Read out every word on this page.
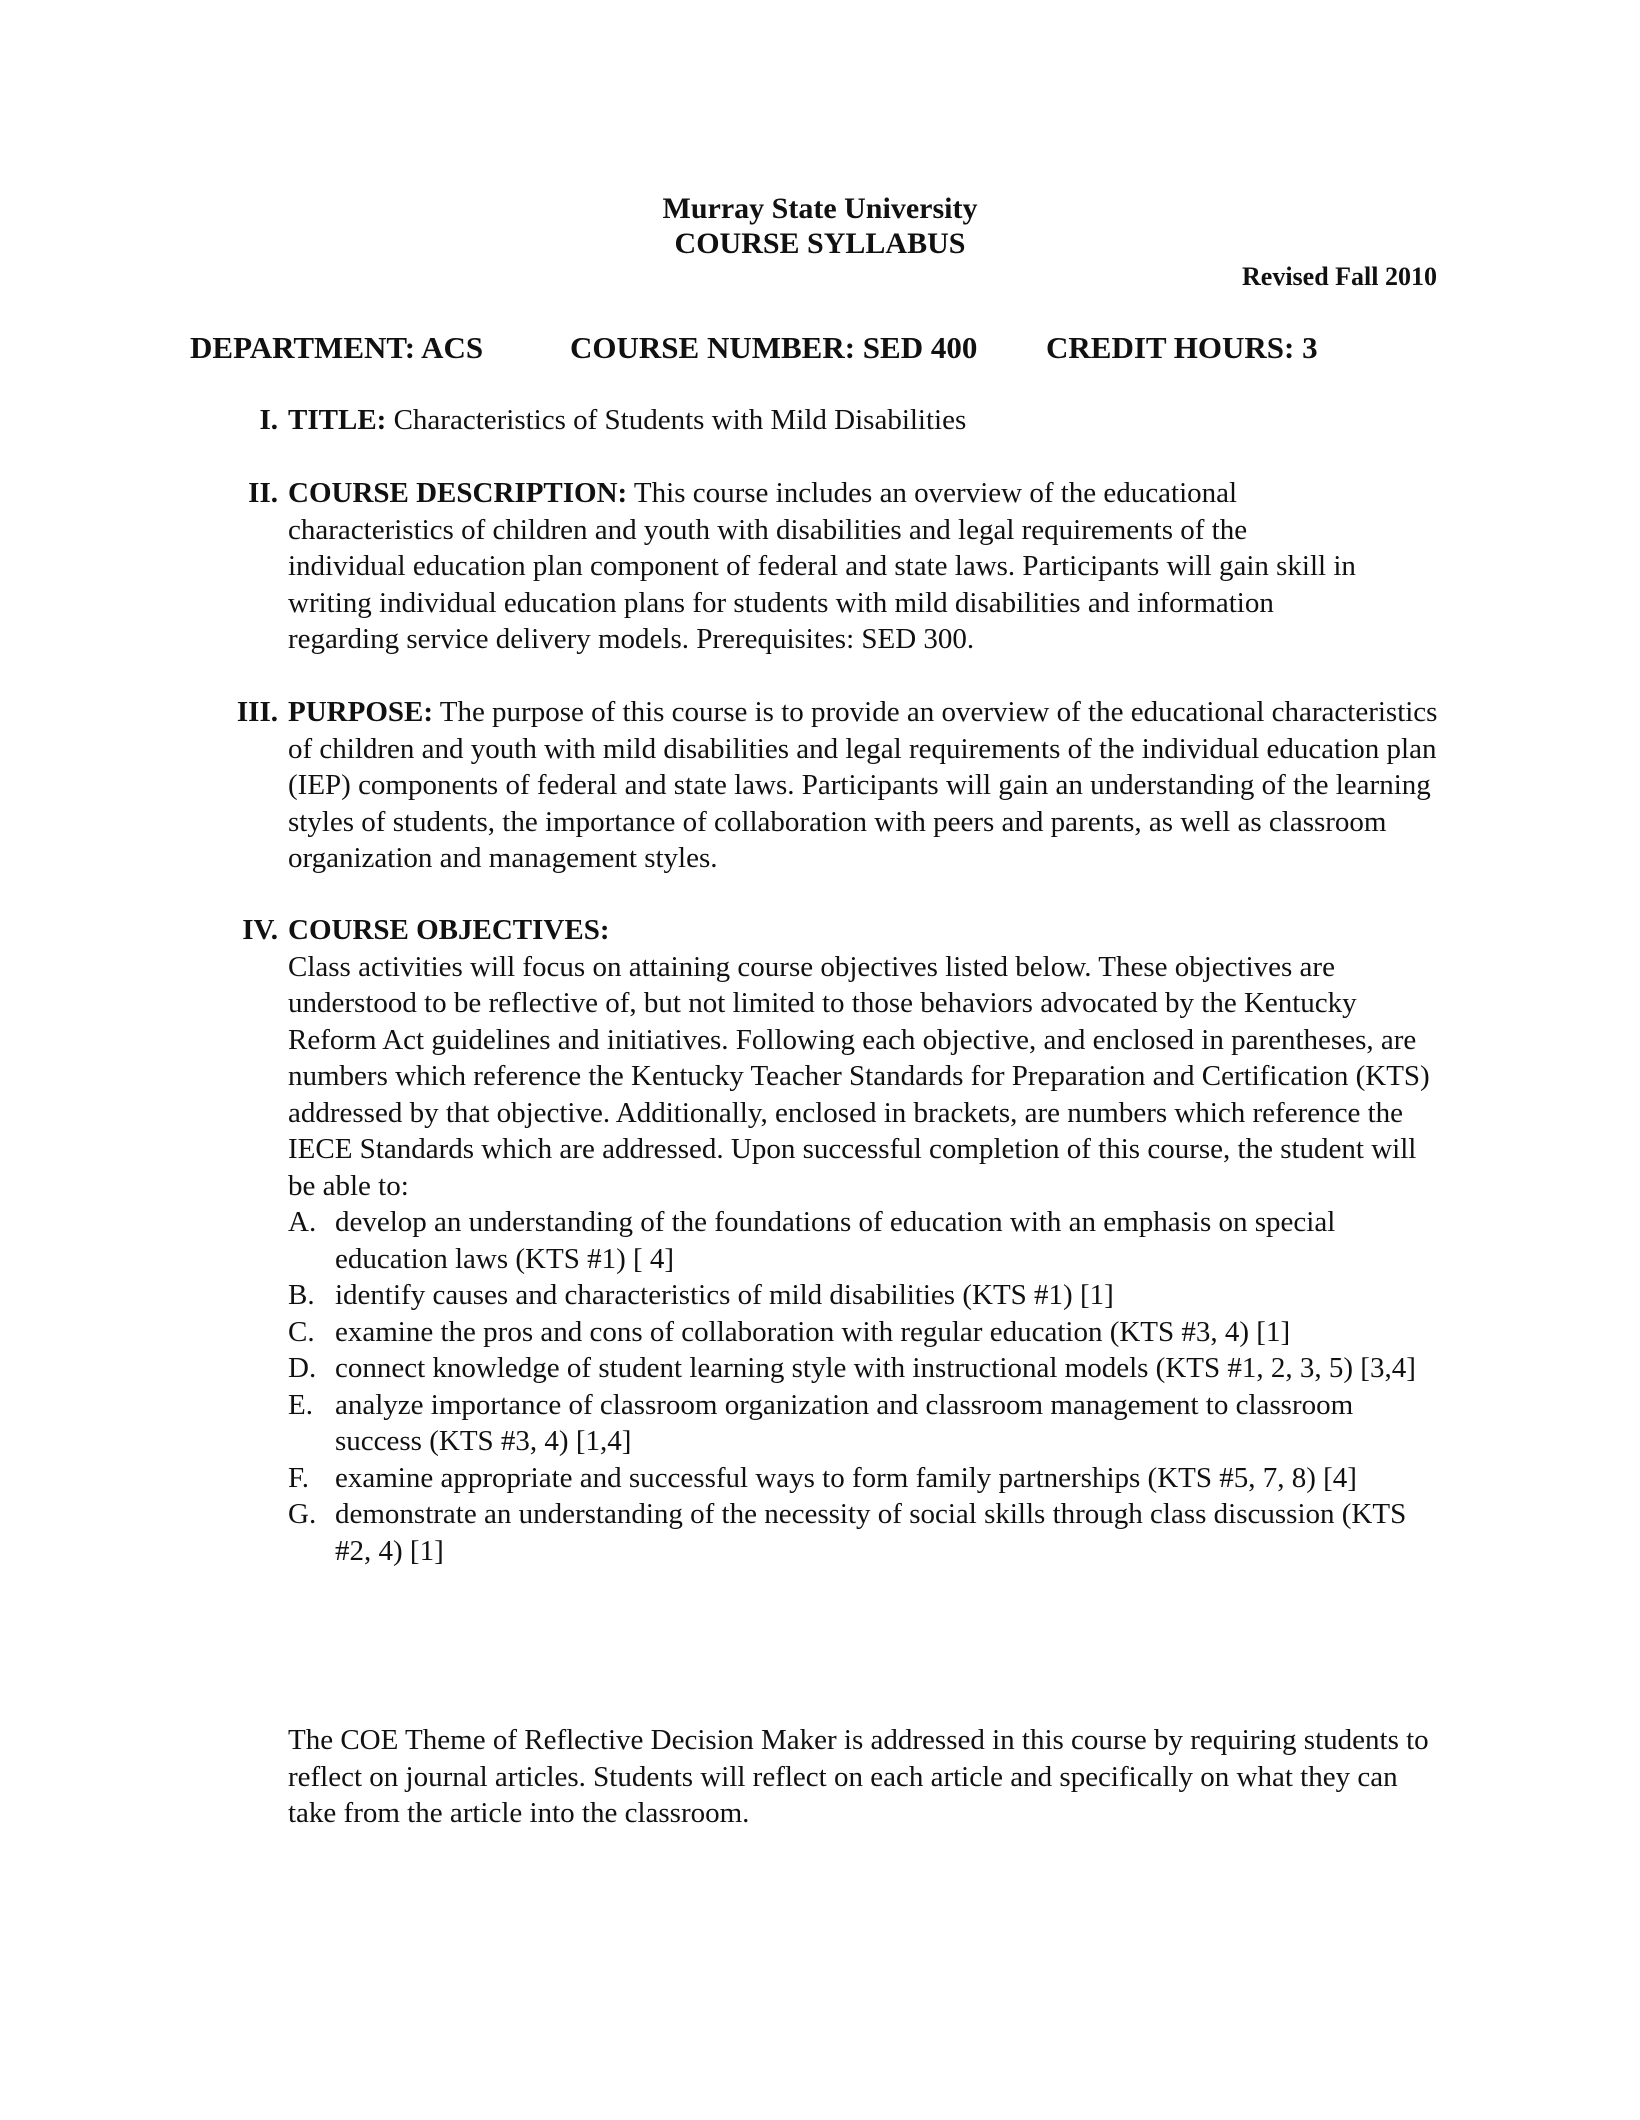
Murray State University
COURSE SYLLABUS
Revised Fall 2010
DEPARTMENT: ACS	COURSE NUMBER: SED 400 CREDIT HOURS: 3
I. TITLE: Characteristics of Students with Mild Disabilities
II. COURSE DESCRIPTION: This course includes an overview of the educational characteristics of children and youth with disabilities and legal requirements of the individual education plan component of federal and state laws. Participants will gain skill in writing individual education plans for students with mild disabilities and information regarding service delivery models. Prerequisites: SED 300.
III. PURPOSE: The purpose of this course is to provide an overview of the educational characteristics of children and youth with mild disabilities and legal requirements of the individual education plan (IEP) components of federal and state laws. Participants will gain an understanding of the learning styles of students, the importance of collaboration with peers and parents, as well as classroom organization and management styles.
IV. COURSE OBJECTIVES:
Class activities will focus on attaining course objectives listed below. These objectives are understood to be reflective of, but not limited to those behaviors advocated by the Kentucky Reform Act guidelines and initiatives. Following each objective, and enclosed in parentheses, are numbers which reference the Kentucky Teacher Standards for Preparation and Certification (KTS) addressed by that objective. Additionally, enclosed in brackets, are numbers which reference the IECE Standards which are addressed. Upon successful completion of this course, the student will be able to:
A. develop an understanding of the foundations of education with an emphasis on special education laws (KTS #1) [ 4]
B. identify causes and characteristics of mild disabilities (KTS #1) [1]
C. examine the pros and cons of collaboration with regular education (KTS #3, 4) [1]
D. connect knowledge of student learning style with instructional models (KTS #1, 2, 3, 5) [3,4]
E. analyze importance of classroom organization and classroom management to classroom success (KTS #3, 4) [1,4]
F. examine appropriate and successful ways to form family partnerships (KTS #5, 7, 8) [4]
G. demonstrate an understanding of the necessity of social skills through class discussion (KTS #2, 4) [1]
The COE Theme of Reflective Decision Maker is addressed in this course by requiring students to reflect on journal articles. Students will reflect on each article and specifically on what they can take from the article into the classroom.
